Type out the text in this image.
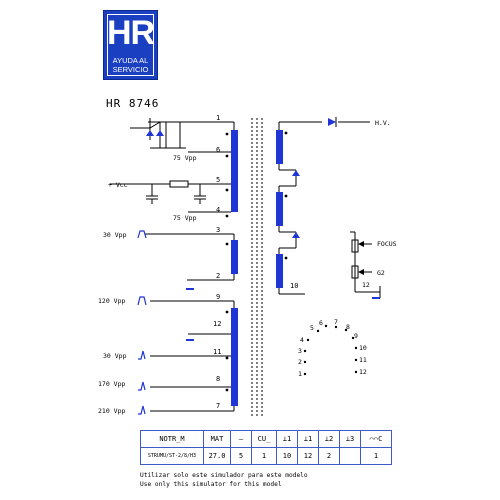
HR
AYUDA AL
SERVICIO
HR 8746
1
6
5
4
3
2
9
12
11
8
7
10
H.V.
75 Vpp
+ Vcc
75 Vpp
30 Vpp
120 Vpp
30 Vpp
170 Vpp
210 Vpp
FOCUS
G2
12
1
2
3
4
5
6 7
8
9
10
11
12
NOTR_M	MAT	–	CU_	⊥1	⊥1	⊥2	⊥3	⌒⌒C
STRUMU/ST-2/8/H3	27.0	5	1	10	12	2		1
Utilizar solo este simulador para este modelo
Use only this simulator for this model
